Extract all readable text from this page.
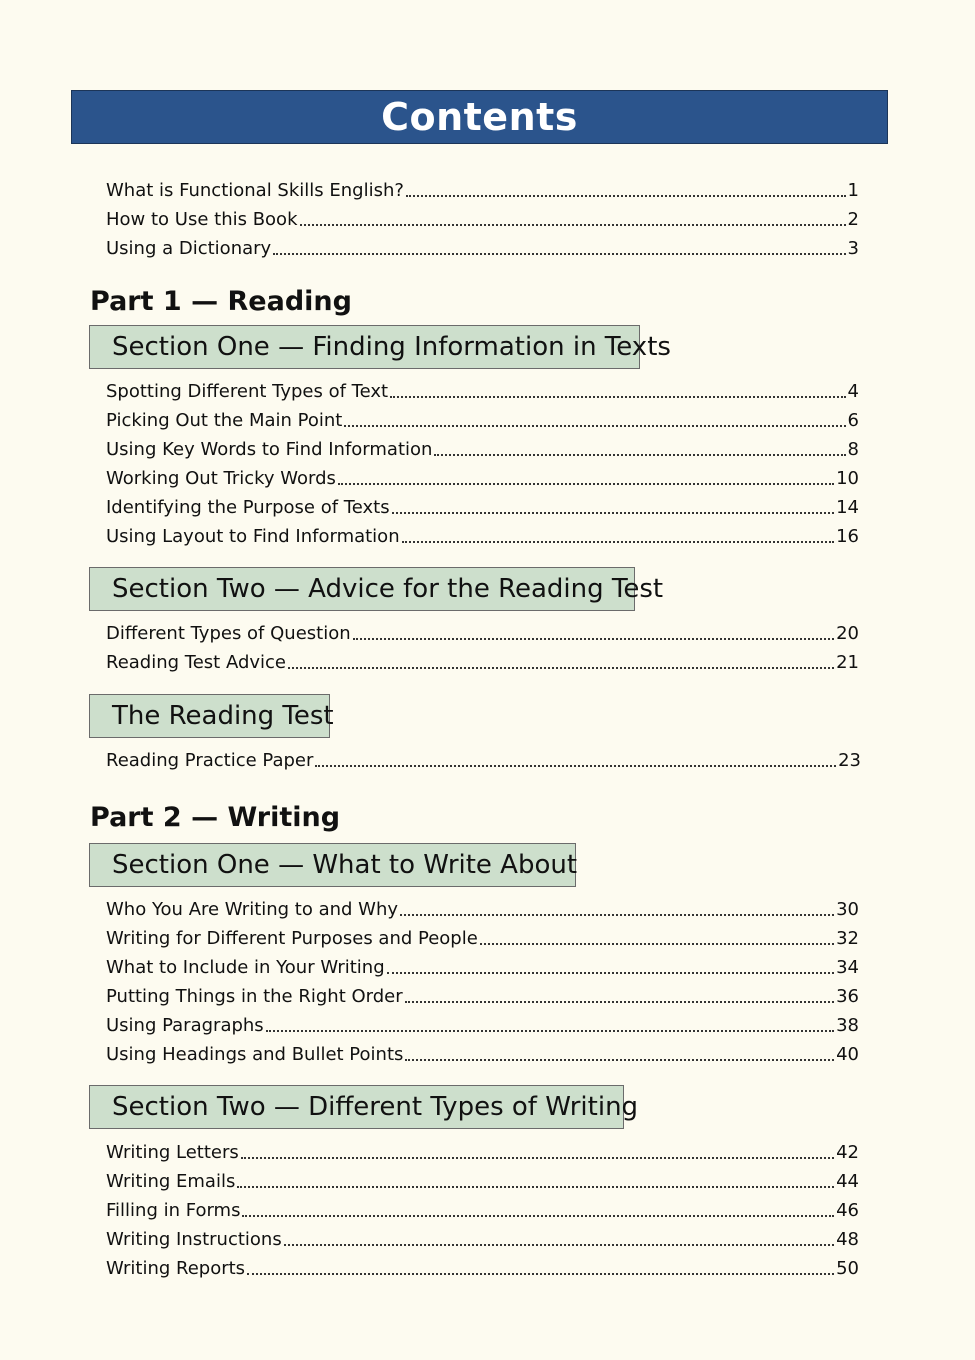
Contents
What is Functional Skills English?	1
How to Use this Book	2
Using a Dictionary	3
Part 1 — Reading
Section One — Finding Information in Texts
Spotting Different Types of Text	4
Picking Out the Main Point	6
Using Key Words to Find Information	8
Working Out Tricky Words	10
Identifying the Purpose of Texts	14
Using Layout to Find Information	16
Section Two — Advice for the Reading Test
Different Types of Question	20
Reading Test Advice	21
The Reading Test
Reading Practice Paper	23
Part 2 — Writing
Section One — What to Write About
Who You Are Writing to and Why	30
Writing for Different Purposes and People	32
What to Include in Your Writing	34
Putting Things in the Right Order	36
Using Paragraphs	38
Using Headings and Bullet Points	40
Section Two — Different Types of Writing
Writing Letters	42
Writing Emails	44
Filling in Forms	46
Writing Instructions	48
Writing Reports	50
